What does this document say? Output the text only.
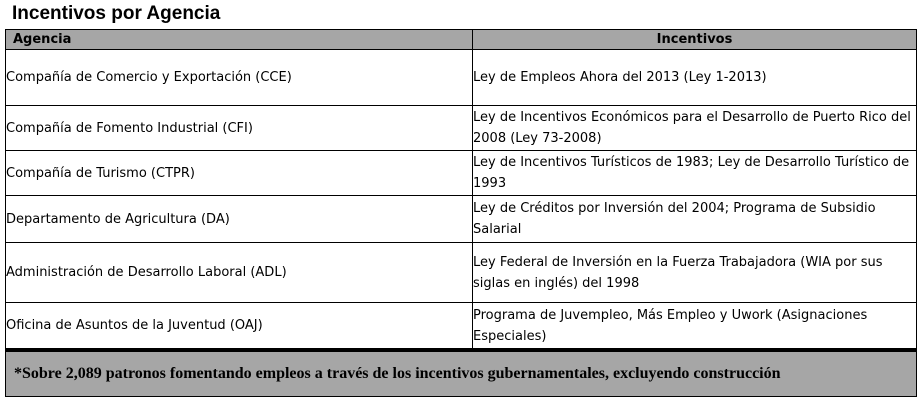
Incentivos por Agencia
Agencia	Incentivos
Compañía de Comercio y Exportación (CCE)	Ley de Empleos Ahora del 2013 (Ley 1-2013)
Compañía de Fomento Industrial (CFI)	Ley de Incentivos Económicos para el Desarrollo de Puerto Rico del 2008 (Ley 73-2008)
Compañía de Turismo (CTPR)	Ley de Incentivos Turísticos de 1983; Ley de Desarrollo Turístico de 1993
Departamento de Agricultura (DA)	Ley de Créditos por Inversión del 2004; Programa de Subsidio Salarial
Administración de Desarrollo Laboral (ADL)	Ley Federal de Inversión en la Fuerza Trabajadora (WIA por sus siglas en inglés) del 1998
Oficina de Asuntos de la Juventud (OAJ)	Programa de Juvempleo, Más Empleo y Uwork (Asignaciones Especiales)
*Sobre 2,089 patronos fomentando empleos a través de los incentivos gubernamentales, excluyendo construcción	
